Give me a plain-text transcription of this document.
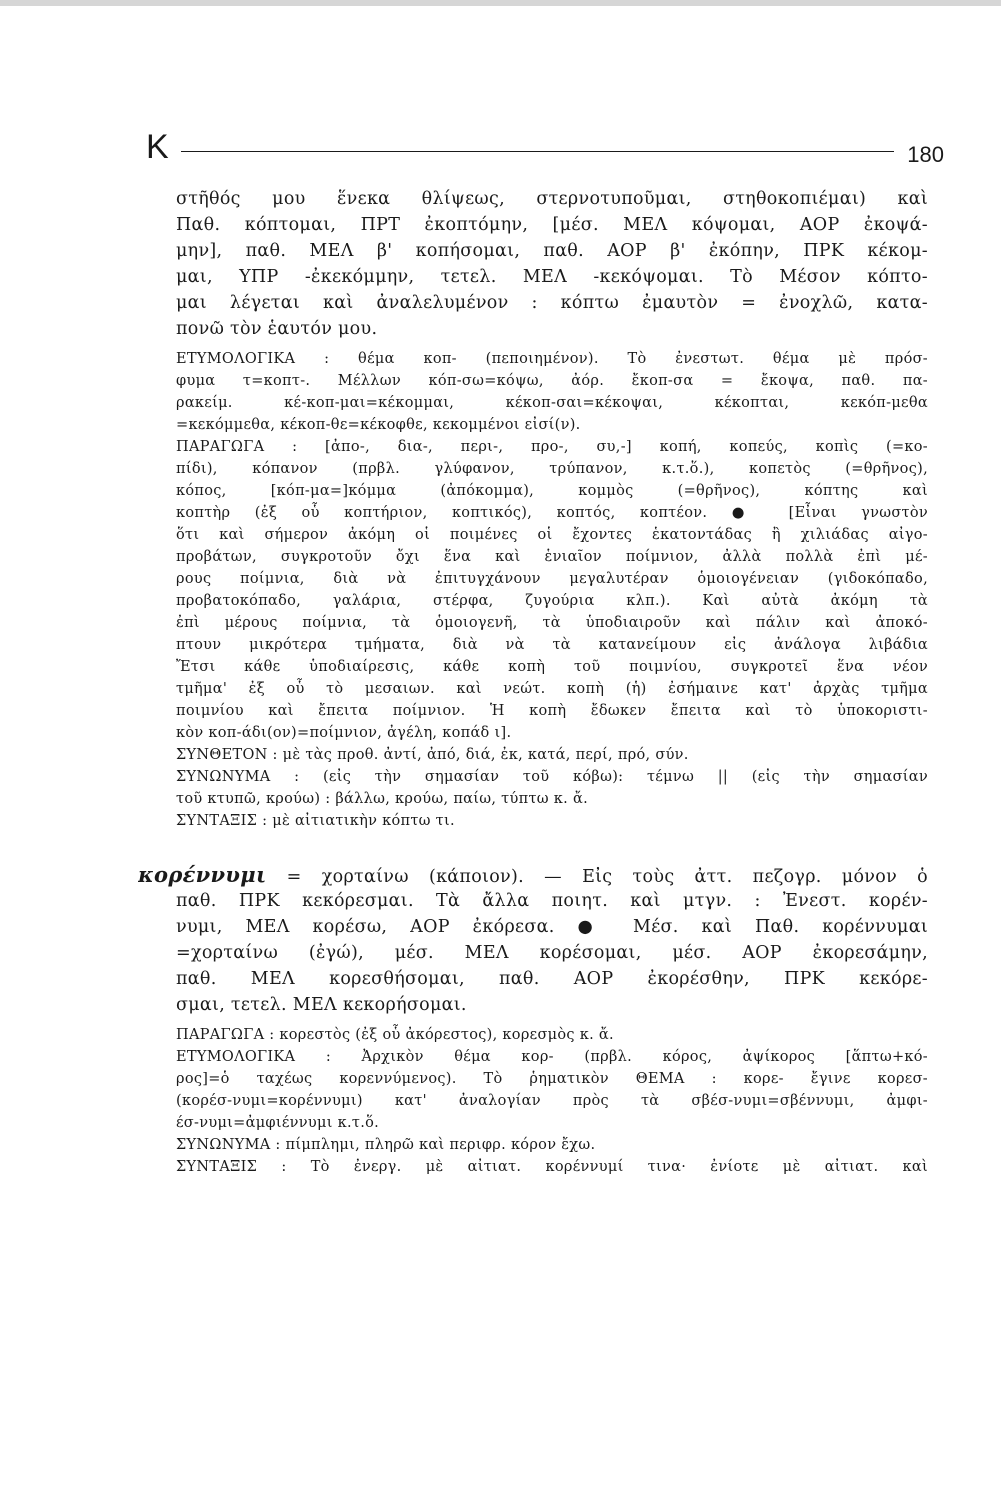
Κ	180
στῆθός μου ἕνεκα θλίψεως, στερνοτυποῦμαι, στηθοκοπιέμαι) καὶ
Παθ. κόπτομαι, ΠΡΤ ἐκοπτόμην, [μέσ. ΜΕΛ κόψομαι, ΑΟΡ ἐκοψά-
μην], παθ. ΜΕΛ β' κοπήσομαι, παθ. ΑΟΡ β' ἐκόπην, ΠΡΚ κέκομ-
μαι, ΥΠΡ -ἐκεκόμμην, τετελ. ΜΕΛ -κεκόψομαι. Τὸ Μέσον κόπτο-
μαι λέγεται καὶ ἀναλελυμένον : κόπτω ἐμαυτὸν = ἐνοχλῶ, κατα-
πονῶ τὸν ἑαυτόν μου.
ΕΤΥΜΟΛΟΓΙΚΑ : θέμα κοπ- (πεποιημένον). Τὸ ἐνεστωτ. θέμα μὲ πρόσ-
φυμα τ=κοπτ-. Μέλλων κόπ-σω=κόψω, ἀόρ. ἔκοπ-σα = ἔκοψα, παθ. πα-
ρακείμ. κέ-κοπ-μαι=κέκομμαι, κέκοπ-σαι=κέκοψαι, κέκοπται, κεκόπ-μεθα
=κεκόμμεθα, κέκοπ-θε=κέκοφθε, κεκομμένοι εἰσί(ν).
ΠΑΡΑΓΩΓΑ : [ἀπο-, δια-, περι-, προ-, συ,-] κοπή, κοπεύς, κοπὶς (=κο-
πίδι), κόπανον (πρβλ. γλύφανον, τρύπανον, κ.τ.ὅ.), κοπετὸς (=θρῆνος),
κόπος, [κόπ-μα=]κόμμα (ἀπόκομμα), κομμὸς (=θρῆνος), κόπτης καὶ
κοπτὴρ (ἐξ οὗ κοπτήριον, κοπτικός), κοπτός, κοπτέον. ● [Εἶναι γνωστὸν
ὅτι καὶ σήμερον ἀκόμη οἱ ποιμένες οἱ ἔχοντες ἑκατοντάδας ἢ χιλιάδας αἰγο-
προβάτων, συγκροτοῦν ὄχι ἕνα καὶ ἑνιαῖον ποίμνιον, ἀλλὰ πολλὰ ἐπὶ μέ-
ρους ποίμνια, διὰ νὰ ἐπιτυγχάνουν μεγαλυτέραν ὁμοιογένειαν (γιδοκόπαδο,
προβατοκόπαδο, γαλάρια, στέρφα, ζυγούρια κλπ.). Καὶ αὐτὰ ἀκόμη τὰ
ἐπὶ μέρους ποίμνια, τὰ ὁμοιογενῆ, τὰ ὑποδιαιροῦν καὶ πάλιν καὶ ἀποκό-
πτουν μικρότερα τμήματα, διὰ νὰ τὰ κατανείμουν εἰς ἀνάλογα λιβάδια
Ἔτσι κάθε ὑποδιαίρεσις, κάθε κοπὴ τοῦ ποιμνίου, συγκροτεῖ ἕνα νέον
τμῆμα' ἐξ οὗ τὸ μεσαιων. καὶ νεώτ. κοπὴ (ἡ) ἐσήμαινε κατ' ἀρχὰς τμῆμα
ποιμνίου καὶ ἔπειτα ποίμνιον. Ἡ κοπὴ ἔδωκεν ἔπειτα καὶ τὸ ὑποκοριστι-
κὸν κοπ-άδι(ον)=ποίμνιον, ἀγέλη, κοπάδ ι].
ΣΥΝΘΕΤΟΝ : μὲ τὰς προθ. ἀντί, ἀπό, διά, ἐκ, κατά, περί, πρό, σύν.
ΣΥΝΩΝΥΜΑ : (εἰς τὴν σημασίαν τοῦ κόβω): τέμνω || (εἰς τὴν σημασίαν
τοῦ κτυπῶ, κρούω) : βάλλω, κρούω, παίω, τύπτω κ. ἄ.
ΣΥΝΤΑΞΙΣ : μὲ αἰτιατικὴν κόπτω τι.
κορέννυμι = χορταίνω (κάποιον). — Εἰς τοὺς ἀττ. πεζογρ. μόνον ὁ
παθ. ΠΡΚ κεκόρεσμαι. Τὰ ἄλλα ποιητ. καὶ μτγν. : Ἐνεστ. κορέν-
νυμι, ΜΕΛ κορέσω, ΑΟΡ ἐκόρεσα. ● Μέσ. καὶ Παθ. κορέννυμαι
=χορταίνω (ἐγώ), μέσ. ΜΕΛ κορέσομαι, μέσ. ΑΟΡ ἐκορεσάμην,
παθ. ΜΕΛ κορεσθήσομαι, παθ. ΑΟΡ ἐκορέσθην, ΠΡΚ κεκόρε-
σμαι, τετελ. ΜΕΛ κεκορήσομαι.
ΠΑΡΑΓΩΓΑ : κορεστὸς (ἐξ οὗ ἀκόρεστος), κορεσμὸς κ. ἄ.
ΕΤΥΜΟΛΟΓΙΚΑ : Ἀρχικὸν θέμα κορ- (πρβλ. κόρος, ἀψίκορος [ἅπτω+κό-
ρος]=ὁ ταχέως κορεννύμενος). Τὸ ῥηματικὸν ΘΕΜΑ : κορε- ἔγινε κορεσ-
(κορέσ-νυμι=κορέννυμι) κατ' ἀναλογίαν πρὸς τὰ σβέσ-νυμι=σβέννυμι, ἀμφι-
έσ-νυμι=ἀμφιέννυμι κ.τ.ὅ.
ΣΥΝΩΝΥΜΑ : πίμπλημι, πληρῶ καὶ περιφρ. κόρον ἔχω.
ΣΥΝΤΑΞΙΣ : Τὸ ἐνεργ. μὲ αἰτιατ. κορέννυμί τινα· ἐνίοτε μὲ αἰτιατ. καὶ
